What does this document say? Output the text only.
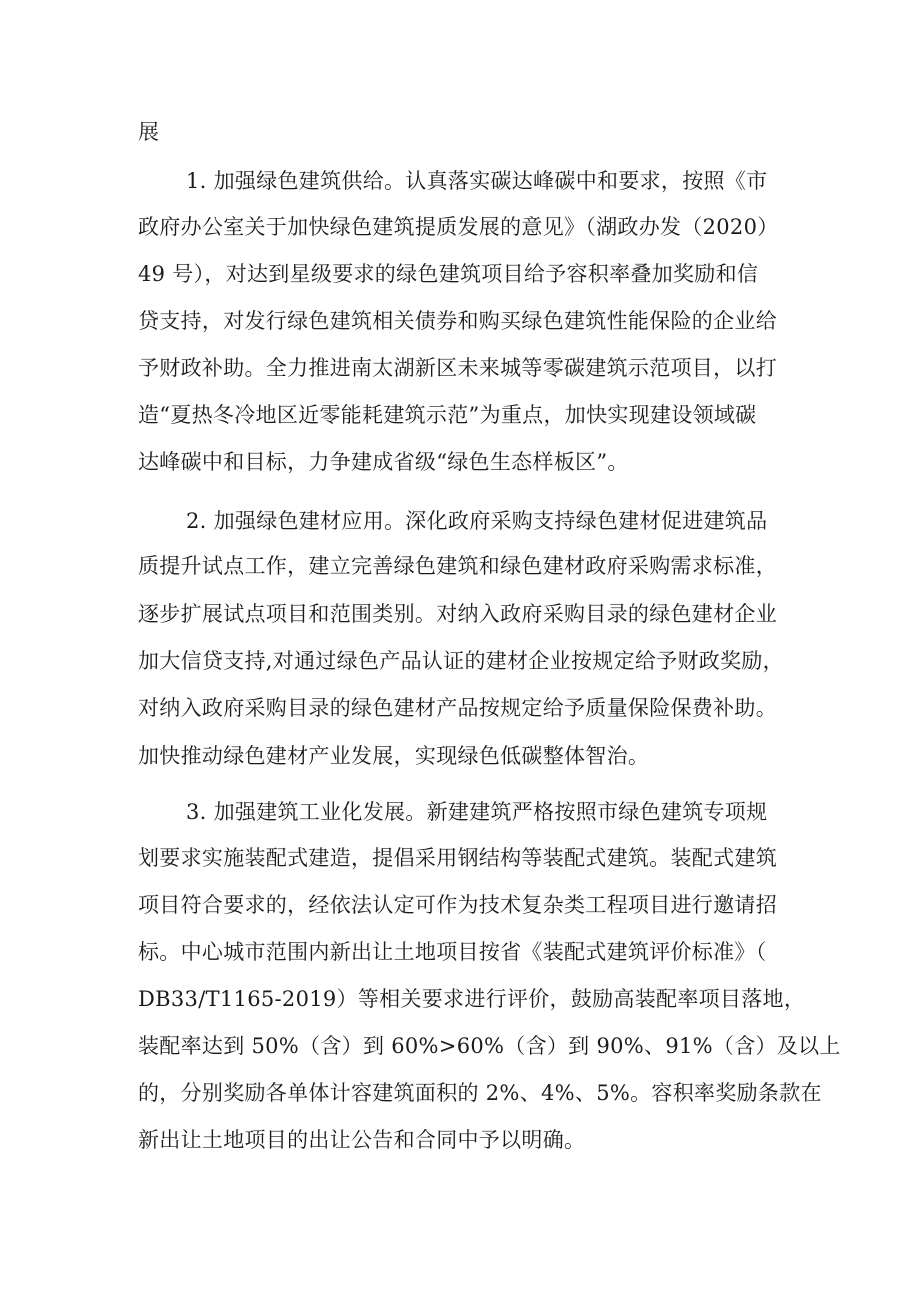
展
1. 加强绿色建筑供给。认真落实碳达峰碳中和要求，按照《市
政府办公室关于加快绿色建筑提质发展的意见》（湖政办发（2020）
49 号），对达到星级要求的绿色建筑项目给予容积率叠加奖励和信
贷支持，对发行绿色建筑相关债券和购买绿色建筑性能保险的企业给
予财政补助。全力推进南太湖新区未来城等零碳建筑示范项目，以打
造“夏热冬冷地区近零能耗建筑示范”为重点，加快实现建设领域碳
达峰碳中和目标，力争建成省级“绿色生态样板区”。
2. 加强绿色建材应用。深化政府采购支持绿色建材促进建筑品
质提升试点工作，建立完善绿色建筑和绿色建材政府采购需求标准，
逐步扩展试点项目和范围类别。对纳入政府采购目录的绿色建材企业
加大信贷支持,对通过绿色产品认证的建材企业按规定给予财政奖励，
对纳入政府采购目录的绿色建材产品按规定给予质量保险保费补助。
加快推动绿色建材产业发展，实现绿色低碳整体智治。
3. 加强建筑工业化发展。新建建筑严格按照市绿色建筑专项规
划要求实施装配式建造，提倡采用钢结构等装配式建筑。装配式建筑
项目符合要求的，经依法认定可作为技术复杂类工程项目进行邀请招
标。中心城市范围内新出让土地项目按省《装配式建筑评价标准》（
DB33/T1165-2019）等相关要求进行评价，鼓励高装配率项目落地，
装配率达到 50%（含）到 60%>60%（含）到 90%、91%（含）及以上
的，分别奖励各单体计容建筑面积的 2%、4%、5%。容积率奖励条款在
新出让土地项目的出让公告和合同中予以明确。
